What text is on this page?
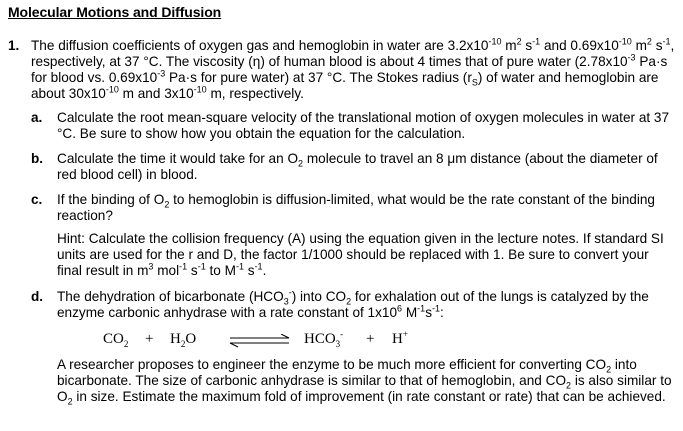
Molecular Motions and Diffusion
1. The diffusion coefficients of oxygen gas and hemoglobin in water are $3.2x10^{-10}$ $m^2$ $s^{-1}$ and $0.69x10^{-10}$ $m^2$ $s^{-1}$, respectively, at 37 °C. The viscosity (η) of human blood is about 4 times that of pure water ($2.78x10^{-3}$ Pa·s for blood vs. $0.69x10^{-3}$ Pa·s for pure water) at 37 °C. The Stokes radius $(r_S)$ of water and hemoglobin are about $30x10^{-10}$ m and $3x10^{-10}$ m, respectively.

a. Calculate the root mean-square velocity of the translational motion of oxygen molecules in water at 37 °C. Be sure to show how you obtain the equation for the calculation.

b. Calculate the time it would take for an $O_2$ molecule to travel an 8 μm distance (about the diameter of red blood cell) in blood.

c. If the binding of $O_2$ to hemoglobin is diffusion-limited, what would be the rate constant of the binding reaction?

Hint: Calculate the collision frequency (A) using the equation given in the lecture notes. If standard SI units are used for the r and D, the factor 1/1000 should be replaced with 1. Be sure to convert your final result in $m^3$ mol$^{-1}$ $s^{-1}$ to $M^{-1}$ $s^{-1}$.
d. The dehydration of bicarbonate $(HCO_3^-)$ into $CO_2$ for exhalation out of the lungs is catalyzed by the enzyme carbonic anhydrase with a rate constant of $1x10^6$ $M^{-1}s^{-1}$:

A researcher proposes to engineer the enzyme to be much more efficient for converting $CO_2$ into bicarbonate. The size of carbonic anhydrase is similar to that of hemoglobin, and $CO_2$ is also similar to $O_2$ in size. Estimate the maximum fold of improvement (in rate constant or rate) that can be achieved.

$CO_2 + H_2O$	$HCO_3^- + H^+$
